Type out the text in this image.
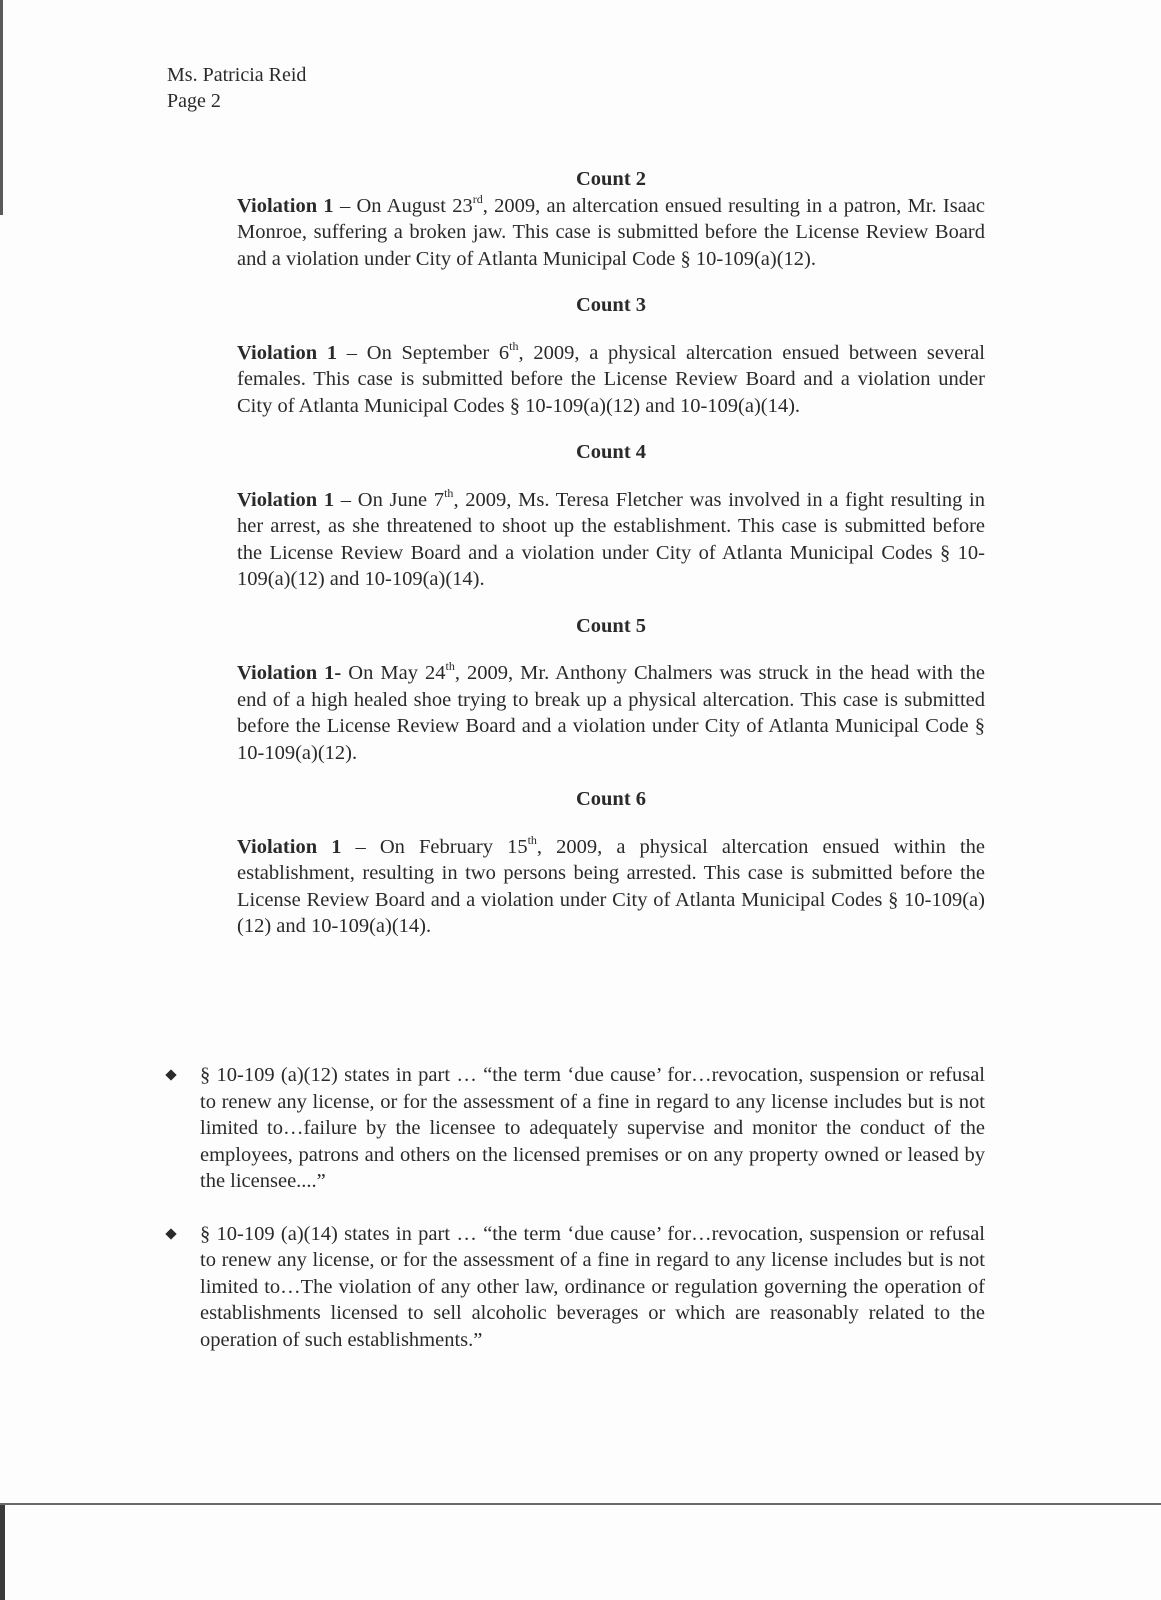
Ms. Patricia Reid
Page 2
Count 2

Violation 1 – On August 23rd, 2009, an altercation ensued resulting in a patron, Mr. Isaac Monroe, suffering a broken jaw. This case is submitted before the License Review Board and a violation under City of Atlanta Municipal Code § 10-109(a)(12).

Count 3

Violation 1 – On September 6th, 2009, a physical altercation ensued between several females. This case is submitted before the License Review Board and a violation under City of Atlanta Municipal Codes § 10-109(a)(12) and 10-109(a)(14).

Count 4

Violation 1 – On June 7th, 2009, Ms. Teresa Fletcher was involved in a fight resulting in her arrest, as she threatened to shoot up the establishment. This case is submitted before the License Review Board and a violation under City of Atlanta Municipal Codes § 10-109(a)(12) and 10-109(a)(14).

Count 5

Violation 1- On May 24th, 2009, Mr. Anthony Chalmers was struck in the head with the end of a high healed shoe trying to break up a physical altercation. This case is submitted before the License Review Board and a violation under City of Atlanta Municipal Code § 10-109(a)(12).

Count 6

Violation 1 – On February 15th, 2009, a physical altercation ensued within the establishment, resulting in two persons being arrested. This case is submitted before the License Review Board and a violation under City of Atlanta Municipal Codes § 10-109(a)(12) and 10-109(a)(14).

§ 10-109 (a)(12) states in part … “the term ‘due cause’ for…revocation, suspension or refusal to renew any license, or for the assessment of a fine in regard to any license includes but is not limited to…failure by the licensee to adequately supervise and monitor the conduct of the employees, patrons and others on the licensed premises or on any property owned or leased by the licensee....”

§ 10-109 (a)(14) states in part … “the term ‘due cause’ for…revocation, suspension or refusal to renew any license, or for the assessment of a fine in regard to any license includes but is not limited to…The violation of any other law, ordinance or regulation governing the operation of establishments licensed to sell alcoholic beverages or which are reasonably related to the operation of such establishments.”
